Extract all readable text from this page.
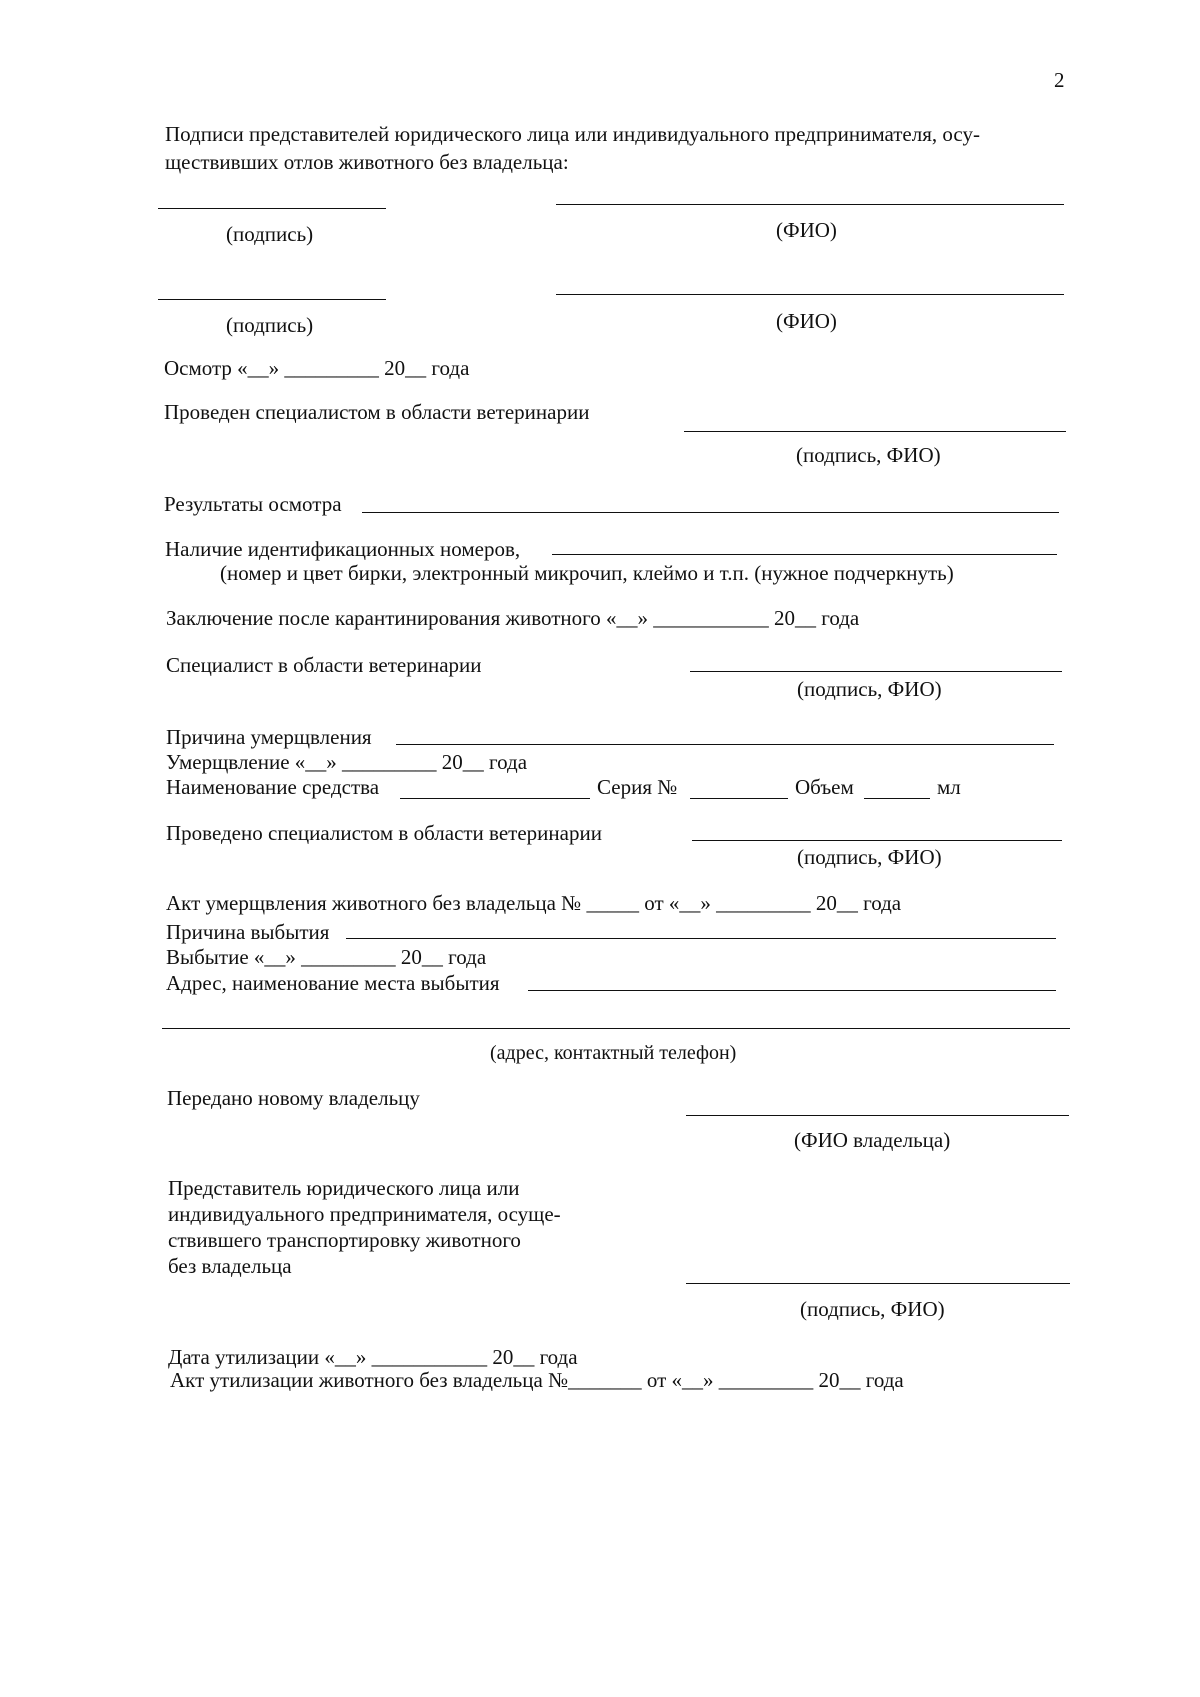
2
Подписи представителей юридического лица или индивидуального предпринимателя, осу-
ществивших отлов животного без владельца:
(подпись)	(ФИО)
(подпись)	(ФИО)
Осмотр «__» _________ 20__ года
Проведен специалистом в области ветеринарии
(подпись, ФИО)
Результаты осмотра
Наличие идентификационных номеров,
(номер и цвет бирки, электронный микрочип, клеймо и т.п. (нужное подчеркнуть)
Заключение после карантинирования животного «__» ___________ 20__ года
Специалист в области ветеринарии
(подпись, ФИО)
Причина умерщвления
Умерщвление «__» _________ 20__ года
Наименование средства	Серия №	Объем	мл
Проведено специалистом в области ветеринарии
(подпись, ФИО)
Акт умерщвления животного без владельца № _____ от «__» _________ 20__ года
Причина выбытия
Выбытие «__» _________ 20__ года
Адрес, наименование места выбытия
(адрес, контактный телефон)
Передано новому владельцу
(ФИО владельца)
Представитель юридического лица или
индивидуального предпринимателя, осуще-
ствившего транспортировку животного
без владельца
(подпись, ФИО)
Дата утилизации «__» ___________ 20__ года
Акт утилизации животного без владельца №_______ от «__» _________ 20__ года
